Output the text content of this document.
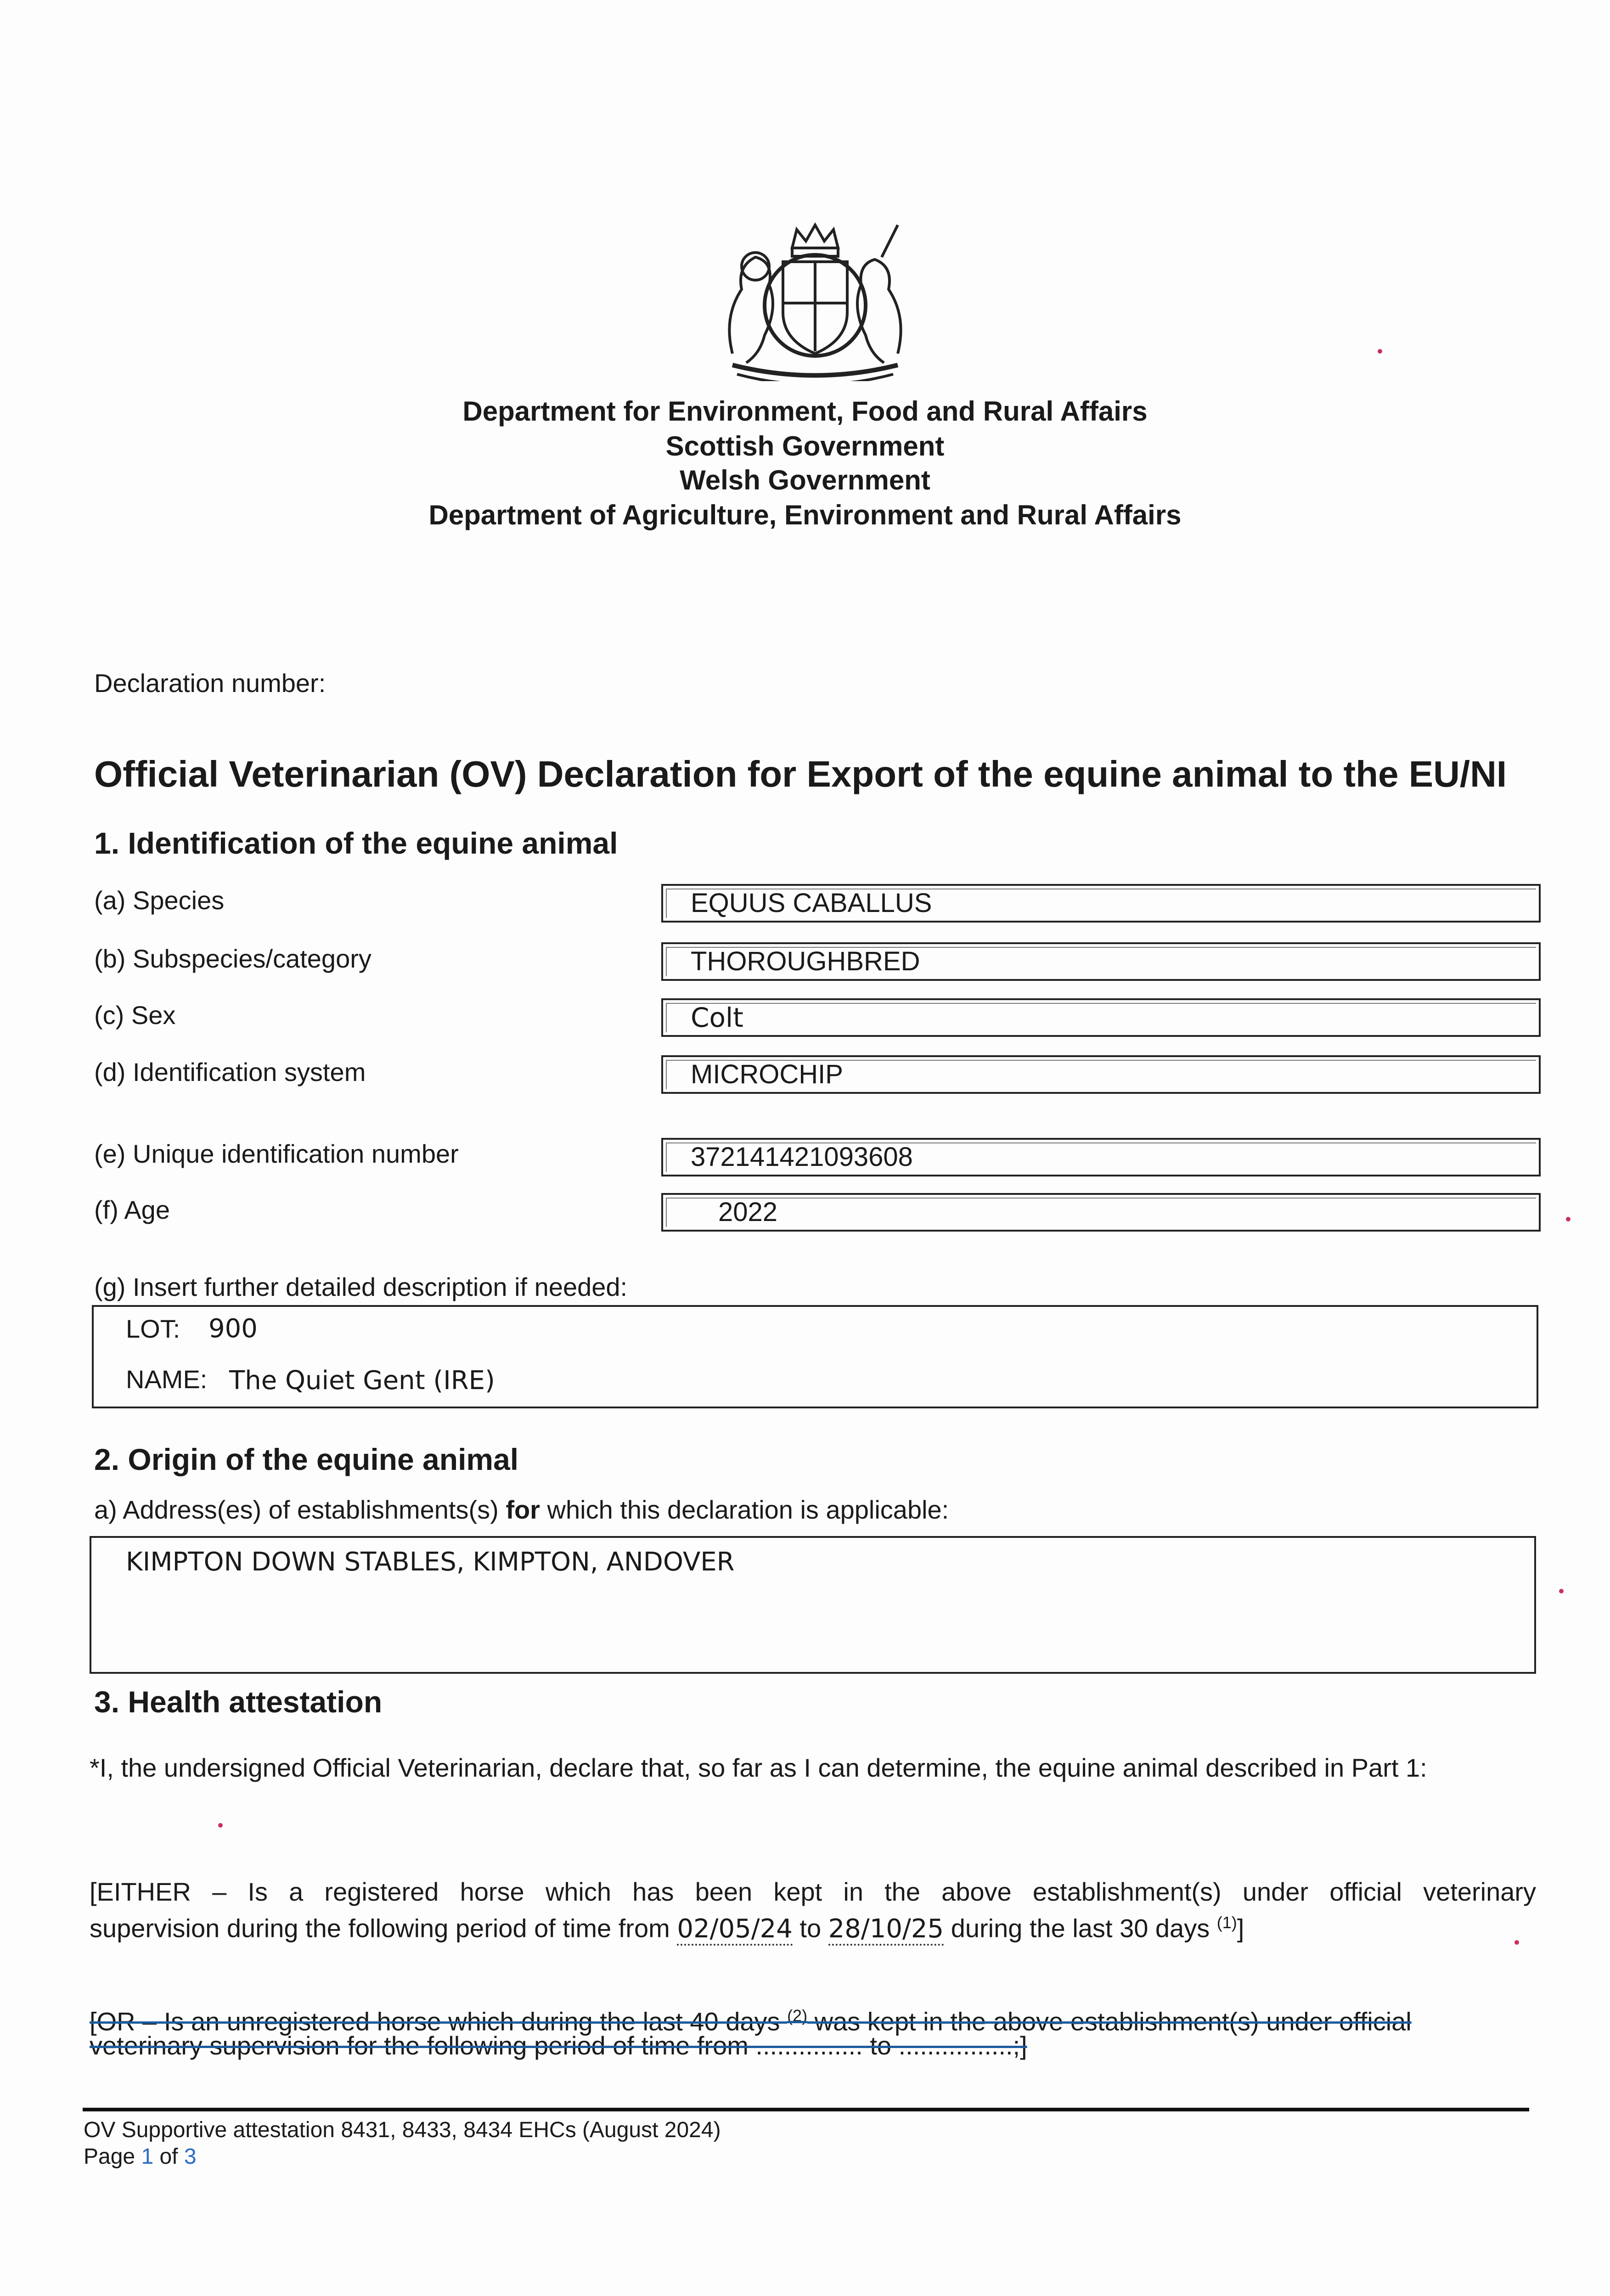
Department for Environment, Food and Rural Affairs
Scottish Government
Welsh Government
Department of Agriculture, Environment and Rural Affairs
Declaration number:
Official Veterinarian (OV) Declaration for Export of the equine animal to the EU/NI
1. Identification of the equine animal
(a) Species	EQUUS CABALLUS
(b) Subspecies/category	THOROUGHBRED
(c) Sex	Colt
(d) Identification system	MICROCHIP
(e) Unique identification number	372141421093608
(f) Age	2022
(g) Insert further detailed description if needed:
LOT: 900
NAME: The Quiet Gent (IRE)
2. Origin of the equine animal
a) Address(es) of establishments(s) for which this declaration is applicable:
KIMPTON DOWN STABLES, KIMPTON, ANDOVER
3. Health attestation
*I, the undersigned Official Veterinarian, declare that, so far as I can determine, the equine animal described in Part 1:
[EITHER – Is a registered horse which has been kept in the above establishment(s) under official veterinary
supervision during the following period of time from 02/05/24 to 28/10/25 during the last 30 days $^{(1)}$]
[OR – Is an unregistered horse which during the last 40 days $^{(2)}$ was kept in the above establishment(s) under official
veterinary supervision for the following period of time from ............... to ................;]
OV Supportive attestation 8431, 8433, 8434 EHCs (August 2024)
Page 1 of 3
